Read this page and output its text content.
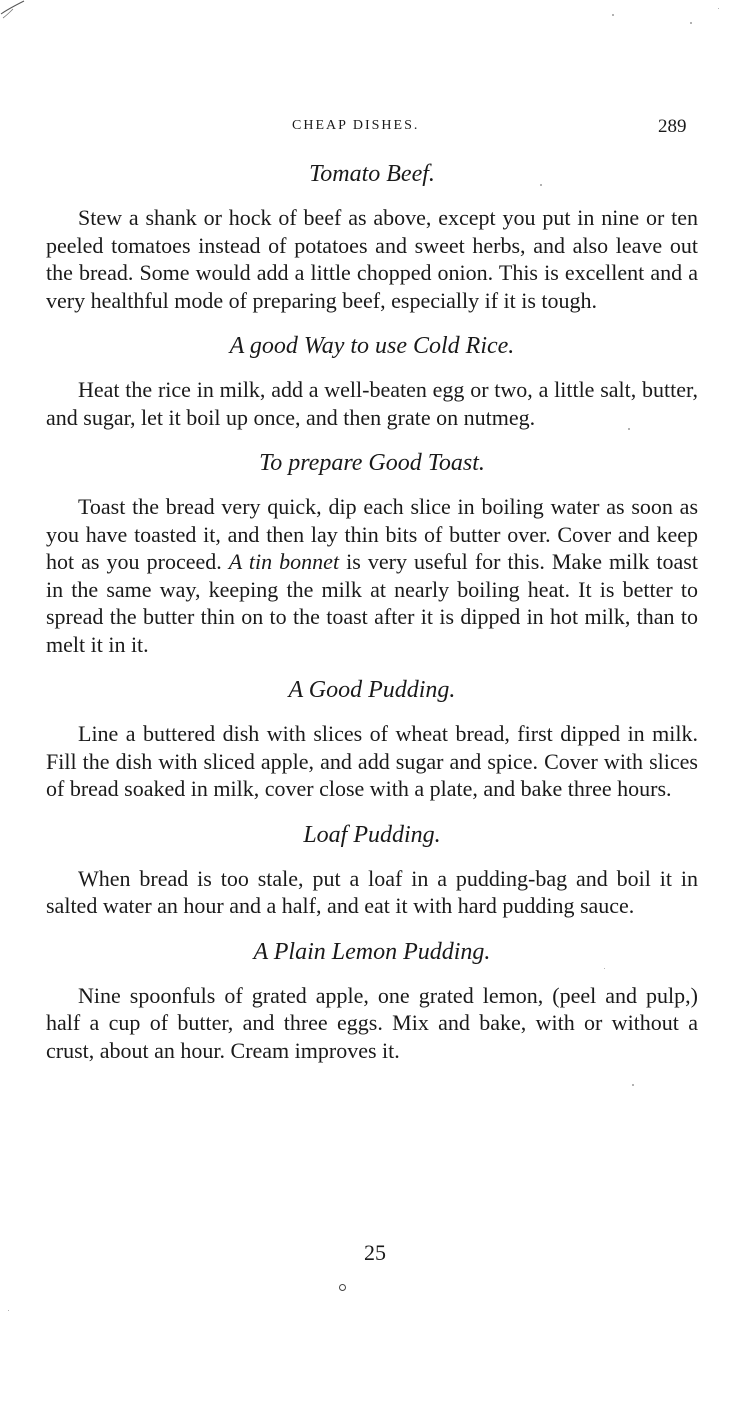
CHEAP DISHES.	289
Tomato Beef.

Stew a shank or hock of beef as above, except you put in nine or ten peeled tomatoes instead of potatoes and sweet herbs, and also leave out the bread. Some would add a little chopped onion. This is excellent and a very healthful mode of preparing beef, especially if it is tough.

A good Way to use Cold Rice.

Heat the rice in milk, add a well-beaten egg or two, a little salt, butter, and sugar, let it boil up once, and then grate on nutmeg.

To prepare Good Toast.

Toast the bread very quick, dip each slice in boiling water as soon as you have toasted it, and then lay thin bits of butter over. Cover and keep hot as you proceed. A tin bonnet is very useful for this. Make milk toast in the same way, keeping the milk at nearly boiling heat. It is better to spread the butter thin on to the toast after it is dipped in hot milk, than to melt it in it.

A Good Pudding.

Line a buttered dish with slices of wheat bread, first dipped in milk. Fill the dish with sliced apple, and add sugar and spice. Cover with slices of bread soaked in milk, cover close with a plate, and bake three hours.

Loaf Pudding.

When bread is too stale, put a loaf in a pudding-bag and boil it in salted water an hour and a half, and eat it with hard pudding sauce.

A Plain Lemon Pudding.

Nine spoonfuls of grated apple, one grated lemon, (peel and pulp,) half a cup of butter, and three eggs. Mix and bake, with or without a crust, about an hour. Cream improves it.

25
